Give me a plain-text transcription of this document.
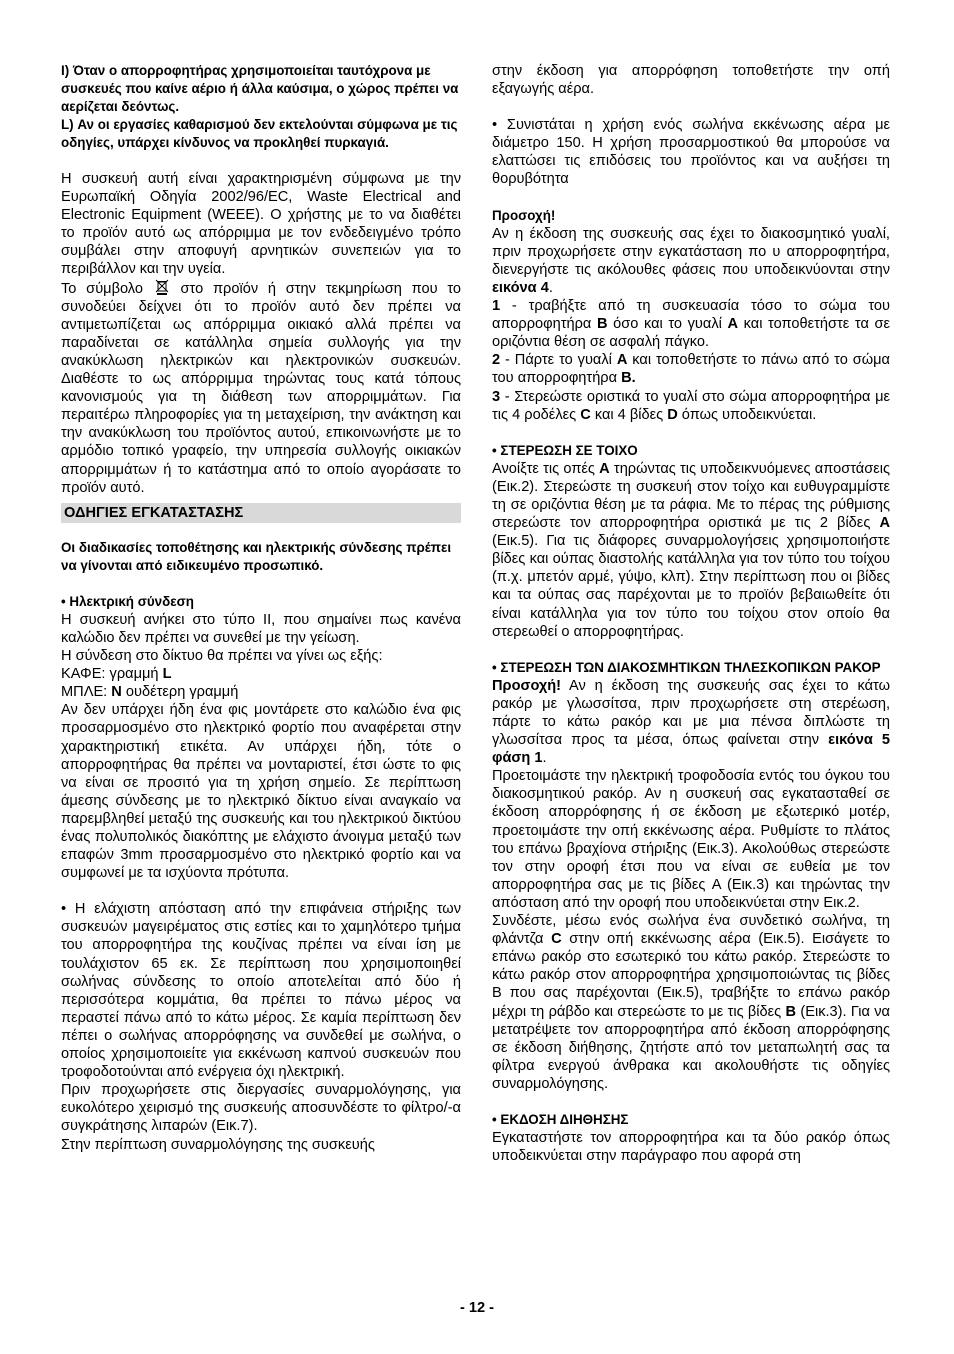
I) Όταν ο απορροφητήρας χρησιμοποιείται ταυτόχρονα με συσκευές που καίνε αέριο ή άλλα καύσιμα, ο χώρος πρέπει να αερίζεται δεόντως.

L) Αν οι εργασίες καθαρισμού δεν εκτελούνται σύμφωνα με τις οδηγίες, υπάρχει κίνδυνος να προκληθεί πυρκαγιά.

Η συσκευή αυτή είναι χαρακτηρισμένη σύμφωνα με την Ευρωπαϊκή Οδηγία 2002/96/EC, Waste Electrical and Electronic Equipment (WEEE). Ο χρήστης με το να διαθέτει το προϊόν αυτό ως απόρριμμα με τον ενδεδειγμένο τρόπο συμβάλει στην αποφυγή αρνητικών συνεπειών για το περιβάλλον και την υγεία.

Το σύμβολο	στο προϊόν ή στην τεκμηρίωση που το συνοδεύει δείχνει ότι το προϊόν αυτό δεν πρέπει να αντιμετωπίζεται ως απόρριμμα οικιακό αλλά πρέπει να παραδίνεται σε κατάλληλα σημεία συλλογής για την ανακύκλωση ηλεκτρικών και ηλεκτρονικών συσκευών. Διαθέστε το ως απόρριμμα τηρώντας τους κατά τόπους κανονισμούς για τη διάθεση των απορριμμάτων. Για περαιτέρω πληροφορίες για τη μεταχείριση, την ανάκτηση και την ανακύκλωση του προϊόντος αυτού, επικοινωνήστε με το αρμόδιο τοπικό γραφείο, την υπηρεσία συλλογής οικιακών απορριμμάτων ή το κατάστημα από το οποίο αγοράσατε το προϊόν αυτό.

ΟΔΗΓΙΕΣ ΕΓΚΑΤΑΣΤΑΣΗΣ

Οι διαδικασίες τοποθέτησης και ηλεκτρικής σύνδεσης πρέπει να γίνονται από ειδικευμένο προσωπικό.

• Ηλεκτρική σύνδεση

Η συσκευή ανήκει στο τύπο II, που σημαίνει πως κανένα καλώδιο δεν πρέπει να συνεθεί με την γείωση.

Η σύνδεση στο δίκτυο θα πρέπει να γίνει ως εξής:

ΚΑΦΕ: γραμμή L

ΜΠΛΕ: N ουδέτερη γραμμή

Αν δεν υπάρχει ήδη ένα φις μοντάρετε στο καλώδιο ένα φις προσαρμοσμένο στο ηλεκτρικό φορτίο που αναφέρεται στην χαρακτηριστική ετικέτα. Αν υπάρχει ήδη, τότε ο απορροφητήρας θα πρέπει να μονταριστεί, έτσι ώστε το φις να είναι σε προσιτό για τη χρήση σημείο. Σε περίπτωση άμεσης σύνδεσης με το ηλεκτρικό δίκτυο είναι αναγκαίο να παρεμβληθεί μεταξύ της συσκευής και του ηλεκτρικού δικτύου ένας πολυπολικός διακόπτης με ελάχιστο άνοιγμα μεταξύ των επαφών 3mm προσαρμοσμένο στο ηλεκτρικό φορτίο και να συμφωνεί με τα ισχύοντα πρότυπα.

• Η ελάχιστη απόσταση από την επιφάνεια στήριξης των συσκευών μαγειρέματος στις εστίες και το χαμηλότερο τμήμα του απορροφητήρα της κουζίνας πρέπει να είναι ίση με τουλάχιστον 65 εκ. Σε περίπτωση που χρησιμοποιηθεί σωλήνας σύνδεσης το οποίο αποτελείται από δύο ή περισσότερα κομμάτια, θα πρέπει το πάνω μέρος να περαστεί πάνω από το κάτω μέρος. Σε καμία περίπτωση δεν πέπει ο σωλήνας απορρόφησης να συνδεθεί με σωλήνα, ο οποίος χρησιμοποιείτε για εκκένωση καπνού συσκευών που τροφοδοτούνται από ενέργεια όχι ηλεκτρική.

Πριν προχωρήσετε στις διεργασίες συναρμολόγησης, για ευκολότερο χειρισμό της συσκευής αποσυνδέστε το φίλτρο/-α συγκράτησης λιπαρών (Εικ.7).

Στην περίπτωση συναρμολόγησης της συσκευής

στην έκδοση για απορρόφηση τοποθετήστε την οπή εξαγωγής αέρα.

• Συνιστάται η χρήση ενός σωλήνα εκκένωσης αέρα με διάμετρο 150. Η χρήση προσαρμοστικού θα μπορούσε να ελαττώσει τις επιδόσεις του προϊόντος και να αυξήσει τη θορυβότητα

Προσοχή!

Αν η έκδοση της συσκευής σας έχει το διακοσμητικό γυαλί, πριν προχωρήσετε στην εγκατάσταση πο υ απορροφητήρα, διενεργήστε τις ακόλουθες φάσεις που υποδεικνύονται στην εικόνα 4.

1 - τραβήξτε από τη συσκευασία τόσο το σώμα του απορροφητήρα B όσο και το γυαλί A και τοποθετήστε τα σε οριζόντια θέση σε ασφαλή πάγκο.

2 - Πάρτε το γυαλί A και τοποθετήστε το πάνω από το σώμα του απορροφητήρα B.

3 - Στερεώστε οριστικά το γυαλί στο σώμα απορροφητήρα με τις 4 ροδέλες C και 4 βίδες D όπως υποδεικνύεται.

• ΣΤΕΡΕΩΣΗ ΣΕ ΤΟΙΧΟ

Ανοίξτε τις οπές A τηρώντας τις υποδεικνυόμενες αποστάσεις (Εικ.2). Στερεώστε τη συσκευή στον τοίχο και ευθυγραμμίστε τη σε οριζόντια θέση με τα ράφια. Με το πέρας της ρύθμισης στερεώστε τον απορροφητήρα οριστικά με τις 2 βίδες A (Εικ.5). Για τις διάφορες συναρμολογήσεις χρησιμοποιήστε βίδες και ούπας διαστολής κατάλληλα για τον τύπο του τοίχου (π.χ. μπετόν αρμέ, γύψο, κλπ). Στην περίπτωση που οι βίδες και τα ούπας σας παρέχονται με το προϊόν βεβαιωθείτε ότι είναι κατάλληλα για τον τύπο του τοίχου στον οποίο θα στερεωθεί ο απορροφητήρας.

• ΣΤΕΡΕΩΣΗ ΤΩΝ ΔΙΑΚΟΣΜΗΤΙΚΩΝ ΤΗΛΕΣΚΟΠΙΚΩΝ ΡΑΚΟΡ

Προσοχή! Αν η έκδοση της συσκευής σας έχει το κάτω ρακόρ με γλωσσίτσα, πριν προχωρήσετε στη στερέωση, πάρτε το κάτω ρακόρ και με μια πένσα διπλώστε τη γλωσσίτσα προς τα μέσα, όπως φαίνεται στην εικόνα 5 φάση 1.

Προετοιμάστε την ηλεκτρική τροφοδοσία εντός του όγκου του διακοσμητικού ρακόρ. Αν η συσκευή σας εγκατασταθεί σε έκδοση απορρόφησης ή σε έκδοση με εξωτερικό μοτέρ, προετοιμάστε την οπή εκκένωσης αέρα. Ρυθμίστε το πλάτος του επάνω βραχίονα στήριξης (Εικ.3). Ακολούθως στερεώστε τον στην οροφή έτσι που να είναι σε ευθεία με τον απορροφητήρα σας με τις βίδες A (Εικ.3) και τηρώντας την απόσταση από την οροφή που υποδεικνύεται στην Εικ.2.

Συνδέστε, μέσω ενός σωλήνα ένα συνδετικό σωλήνα, τη φλάντζα C στην οπή εκκένωσης αέρα (Εικ.5). Εισάγετε το επάνω ρακόρ στο εσωτερικό του κάτω ρακόρ. Στερεώστε το κάτω ρακόρ στον απορροφητήρα χρησιμοποιώντας τις βίδες B που σας παρέχονται (Εικ.5), τραβήξτε το επάνω ρακόρ μέχρι τη ράβδο και στερεώστε το με τις βίδες B (Εικ.3). Για να μετατρέψετε τον απορροφητήρα από έκδοση απορρόφησης σε έκδοση διήθησης, ζητήστε από τον μεταπωλητή σας τα φίλτρα ενεργού άνθρακα και ακολουθήστε τις οδηγίες συναρμολόγησης.

• ΕΚΔΟΣΗ ΔΙΗΘΗΣΗΣ

Εγκαταστήστε τον απορροφητήρα και τα δύο ρακόρ όπως υποδεικνύεται στην παράγραφο που αφορά στη

- 12 -
